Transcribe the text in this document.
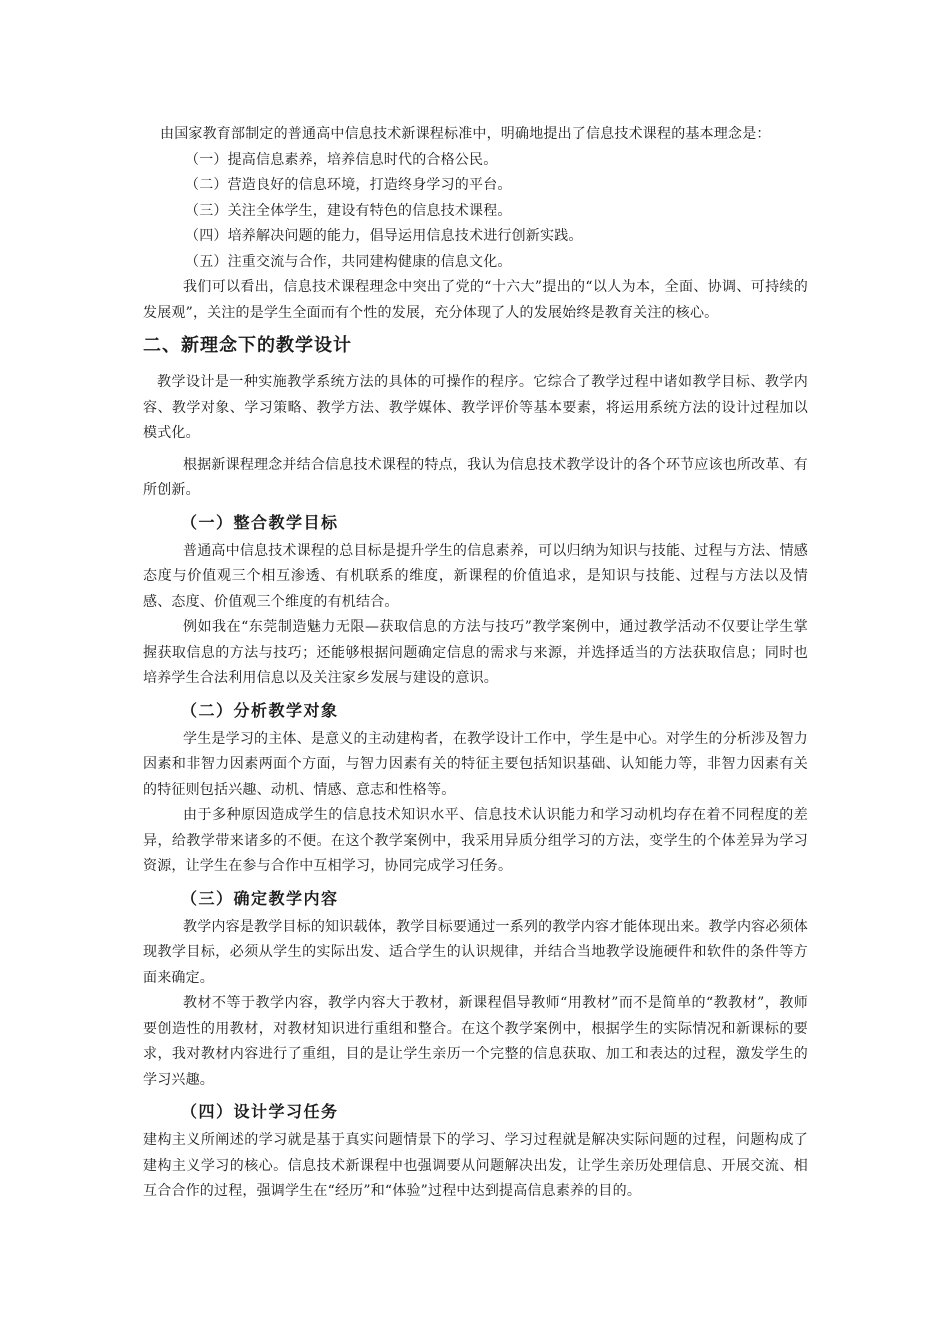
由国家教育部制定的普通高中信息技术新课程标准中，明确地提出了信息技术课程的基本理念是：

（一）提高信息素养，培养信息时代的合格公民。

（二）营造良好的信息环境，打造终身学习的平台。

（三）关注全体学生，建设有特色的信息技术课程。

（四）培养解决问题的能力，倡导运用信息技术进行创新实践。

（五）注重交流与合作，共同建构健康的信息文化。

我们可以看出，信息技术课程理念中突出了党的“十六大”提出的“以人为本，全面、协调、可持续的发展观”，关注的是学生全面而有个性的发展，充分体现了人的发展始终是教育关注的核心。

二、新理念下的教学设计

教学设计是一种实施教学系统方法的具体的可操作的程序。它综合了教学过程中诸如教学目标、教学内容、教学对象、学习策略、教学方法、教学媒体、教学评价等基本要素，将运用系统方法的设计过程加以模式化。

根据新课程理念并结合信息技术课程的特点，我认为信息技术教学设计的各个环节应该也所改革、有所创新。

（一）整合教学目标

普通高中信息技术课程的总目标是提升学生的信息素养，可以归纳为知识与技能、过程与方法、情感态度与价值观三个相互渗透、有机联系的维度，新课程的价值追求，是知识与技能、过程与方法以及情感、态度、价值观三个维度的有机结合。

例如我在“东莞制造魅力无限—获取信息的方法与技巧”教学案例中，通过教学活动不仅要让学生掌握获取信息的方法与技巧；还能够根据问题确定信息的需求与来源，并选择适当的方法获取信息；同时也培养学生合法利用信息以及关注家乡发展与建设的意识。

（二）分析教学对象

学生是学习的主体、是意义的主动建构者，在教学设计工作中，学生是中心。对学生的分析涉及智力因素和非智力因素两面个方面，与智力因素有关的特征主要包括知识基础、认知能力等，非智力因素有关的特征则包括兴趣、动机、情感、意志和性格等。

由于多种原因造成学生的信息技术知识水平、信息技术认识能力和学习动机均存在着不同程度的差异，给教学带来诸多的不便。在这个教学案例中，我采用异质分组学习的方法，变学生的个体差异为学习资源，让学生在参与合作中互相学习，协同完成学习任务。

（三）确定教学内容

教学内容是教学目标的知识载体，教学目标要通过一系列的教学内容才能体现出来。教学内容必须体现教学目标，必须从学生的实际出发、适合学生的认识规律，并结合当地教学设施硬件和软件的条件等方面来确定。

教材不等于教学内容，教学内容大于教材，新课程倡导教师“用教材”而不是简单的“教教材”，教师要创造性的用教材，对教材知识进行重组和整合。在这个教学案例中，根据学生的实际情况和新课标的要求，我对教材内容进行了重组，目的是让学生亲历一个完整的信息获取、加工和表达的过程，激发学生的学习兴趣。

（四）设计学习任务

建构主义所阐述的学习就是基于真实问题情景下的学习、学习过程就是解决实际问题的过程，问题构成了建构主义学习的核心。信息技术新课程中也强调要从问题解决出发，让学生亲历处理信息、开展交流、相互合合作的过程，强调学生在“经历”和“体验”过程中达到提高信息素养的目的。
